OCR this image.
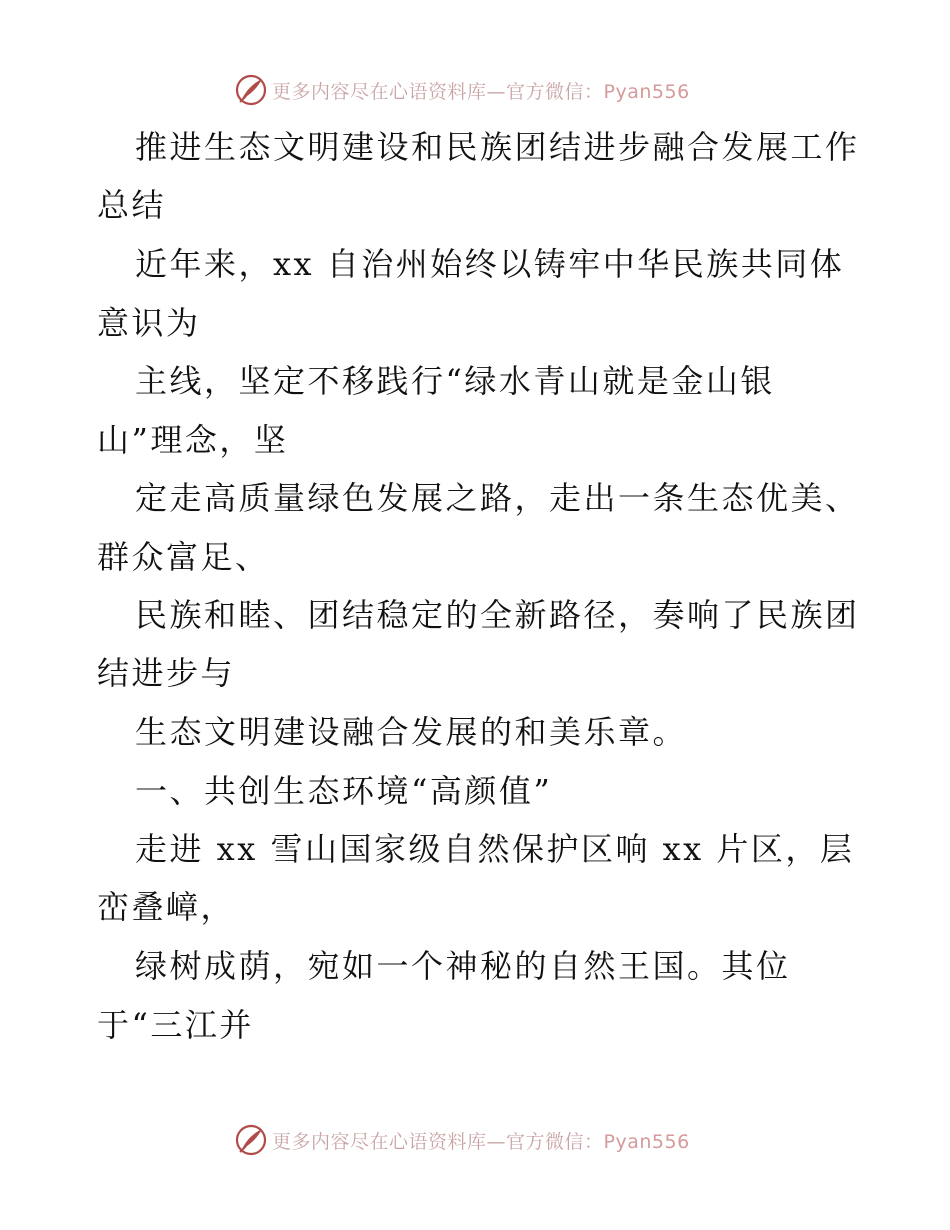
更多内容尽在心语资料库—官方微信：Pyan556
推进生态文明建设和民族团结进步融合发展工作
总结
近年来，xx 自治州始终以铸牢中华民族共同体
意识为
主线，坚定不移践行“绿水青山就是金山银
山”理念，坚
定走高质量绿色发展之路，走出一条生态优美、
群众富足、
民族和睦、团结稳定的全新路径，奏响了民族团
结进步与
生态文明建设融合发展的和美乐章。
一、共创生态环境“高颜值”
走进 xx 雪山国家级自然保护区响 xx 片区，层
峦叠嶂，
绿树成荫，宛如一个神秘的自然王国。其位
于“三江并
更多内容尽在心语资料库—官方微信：Pyan556
